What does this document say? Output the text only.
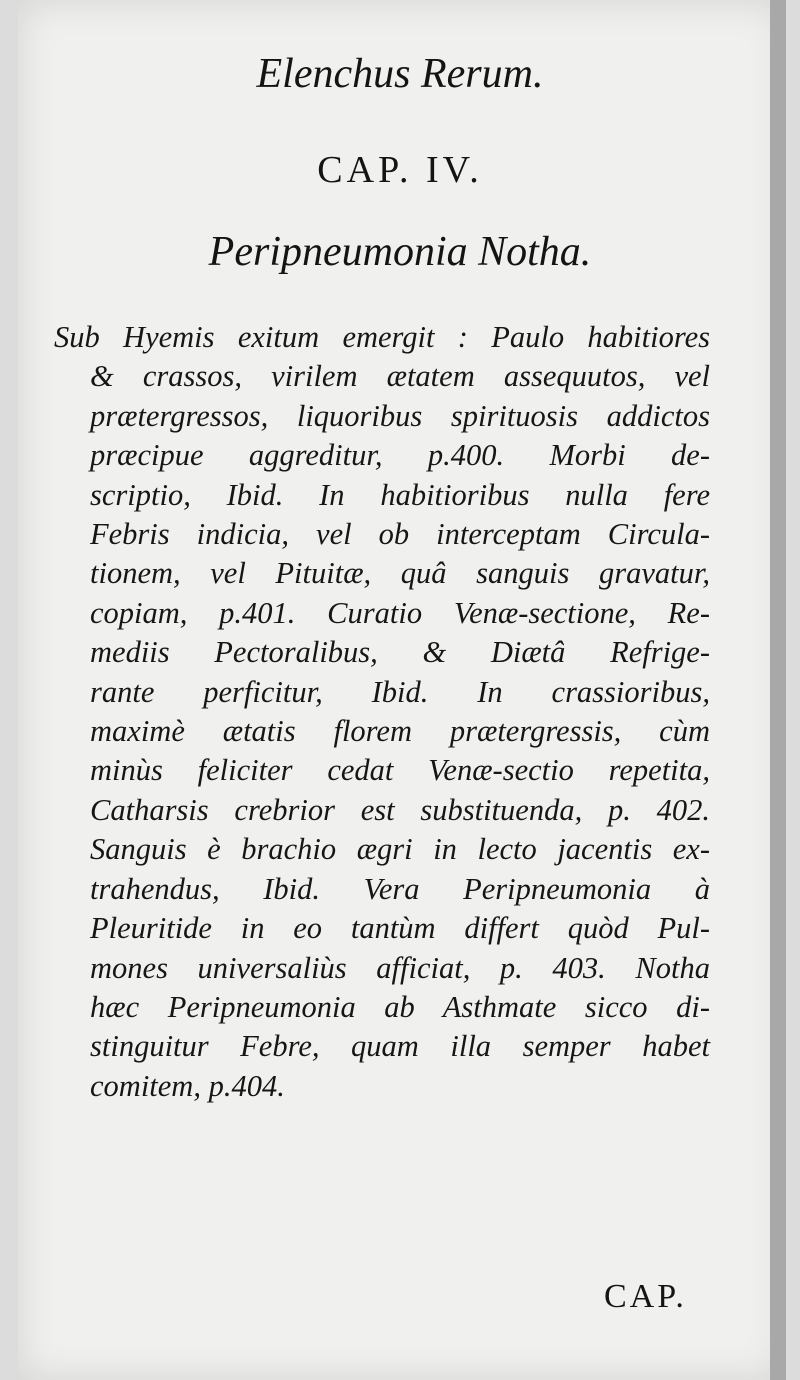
Elenchus Rerum.
CAP. IV.
Peripneumonia Notha.
Sub Hyemis exitum emergit : Paulo habitiores
& crassos, virilem ætatem assequutos, vel
prætergressos, liquoribus spirituosis addictos
præcipue aggreditur, p.400. Morbi de-
scriptio, Ibid. In habitioribus nulla fere
Febris indicia, vel ob interceptam Circula-
tionem, vel Pituitæ, quâ sanguis gravatur,
copiam, p.401. Curatio Venæ-sectione, Re-
mediis Pectoralibus, & Diætâ Refrige-
rante perficitur, Ibid. In crassioribus,
maximè ætatis florem prætergressis, cùm
minùs feliciter cedat Venæ-sectio repetita,
Catharsis crebrior est substituenda, p. 402.
Sanguis è brachio ægri in lecto jacentis ex-
trahendus, Ibid. Vera Peripneumonia à
Pleuritide in eo tantùm differt quòd Pul-
mones universaliùs afficiat, p. 403. Notha
hæc Peripneumonia ab Asthmate sicco di-
stinguitur Febre, quam illa semper habet
comitem, p.404.
CAP.
